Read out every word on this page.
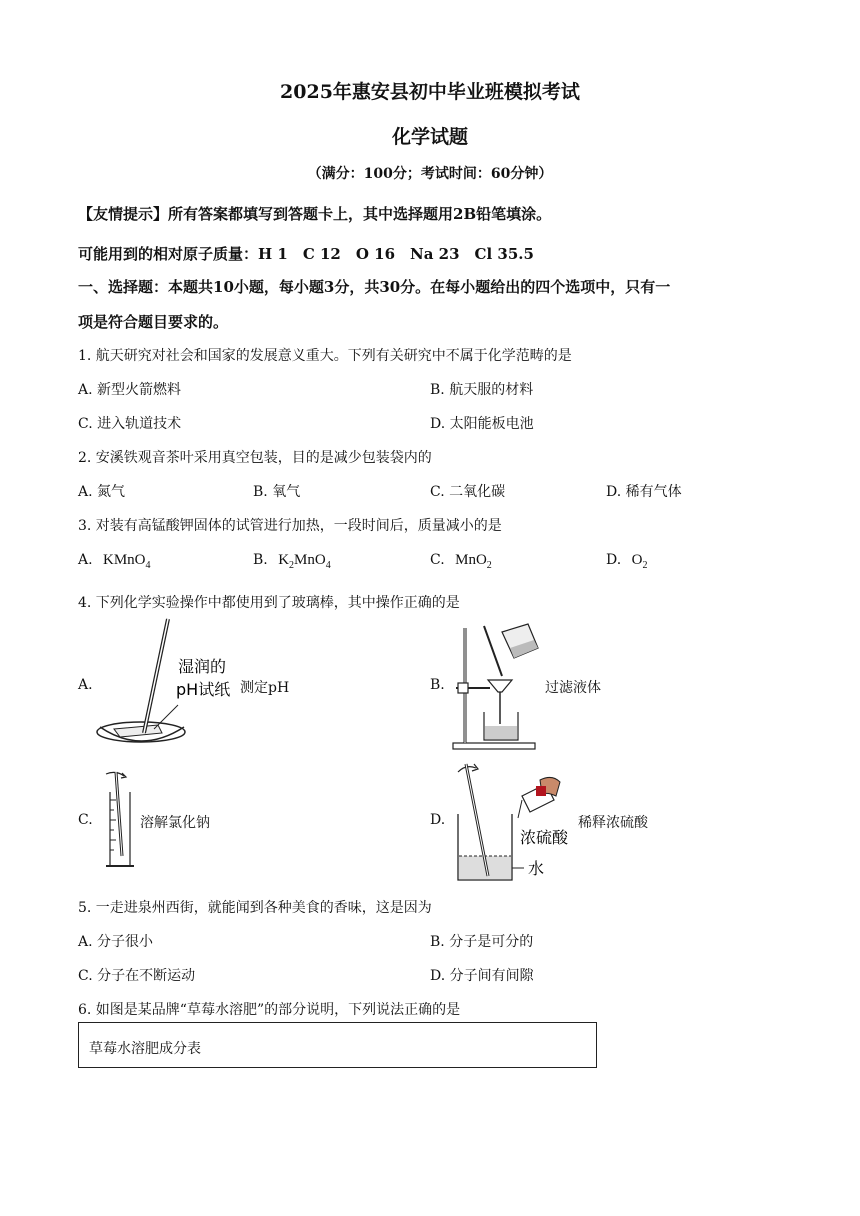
2025年惠安县初中毕业班模拟考试
化学试题
（满分：100分；考试时间：60分钟）
【友情提示】所有答案都填写到答题卡上，其中选择题用2B铅笔填涂。
可能用到的相对原子质量：H 1　C 12　O 16　Na 23　Cl 35.5
一、选择题：本题共10小题，每小题3分，共30分。在每小题给出的四个选项中，只有一
项是符合题目要求的。
1. 航天研究对社会和国家的发展意义重大。下列有关研究中不属于化学范畴的是
A. 新型火箭燃料	B. 航天服的材料
C. 进入轨道技术	D. 太阳能板电池
2. 安溪铁观音茶叶采用真空包装，目的是减少包装袋内的
A. 氮气	B. 氧气	C. 二氧化碳	D. 稀有气体
3. 对装有高锰酸钾固体的试管进行加热，一段时间后，质量减小的是
A. KMnO$_4$	B. $K_2MnO_4$	C. MnO$_2$	D. $O_2$
4. 下列化学实验操作中都使用到了玻璃棒，其中操作正确的是
A.
湿润的
pH试纸 测定pH	B.	过滤液体
C.	溶解氯化钠	D.
浓硫酸
水
稀释浓硫酸
5. 一走进泉州西街，就能闻到各种美食的香味，这是因为
A. 分子很小	B. 分子是可分的
C. 分子在不断运动	D. 分子间有间隙
6. 如图是某品牌“草莓水溶肥”的部分说明，下列说法正确的是
草莓水溶肥成分表
